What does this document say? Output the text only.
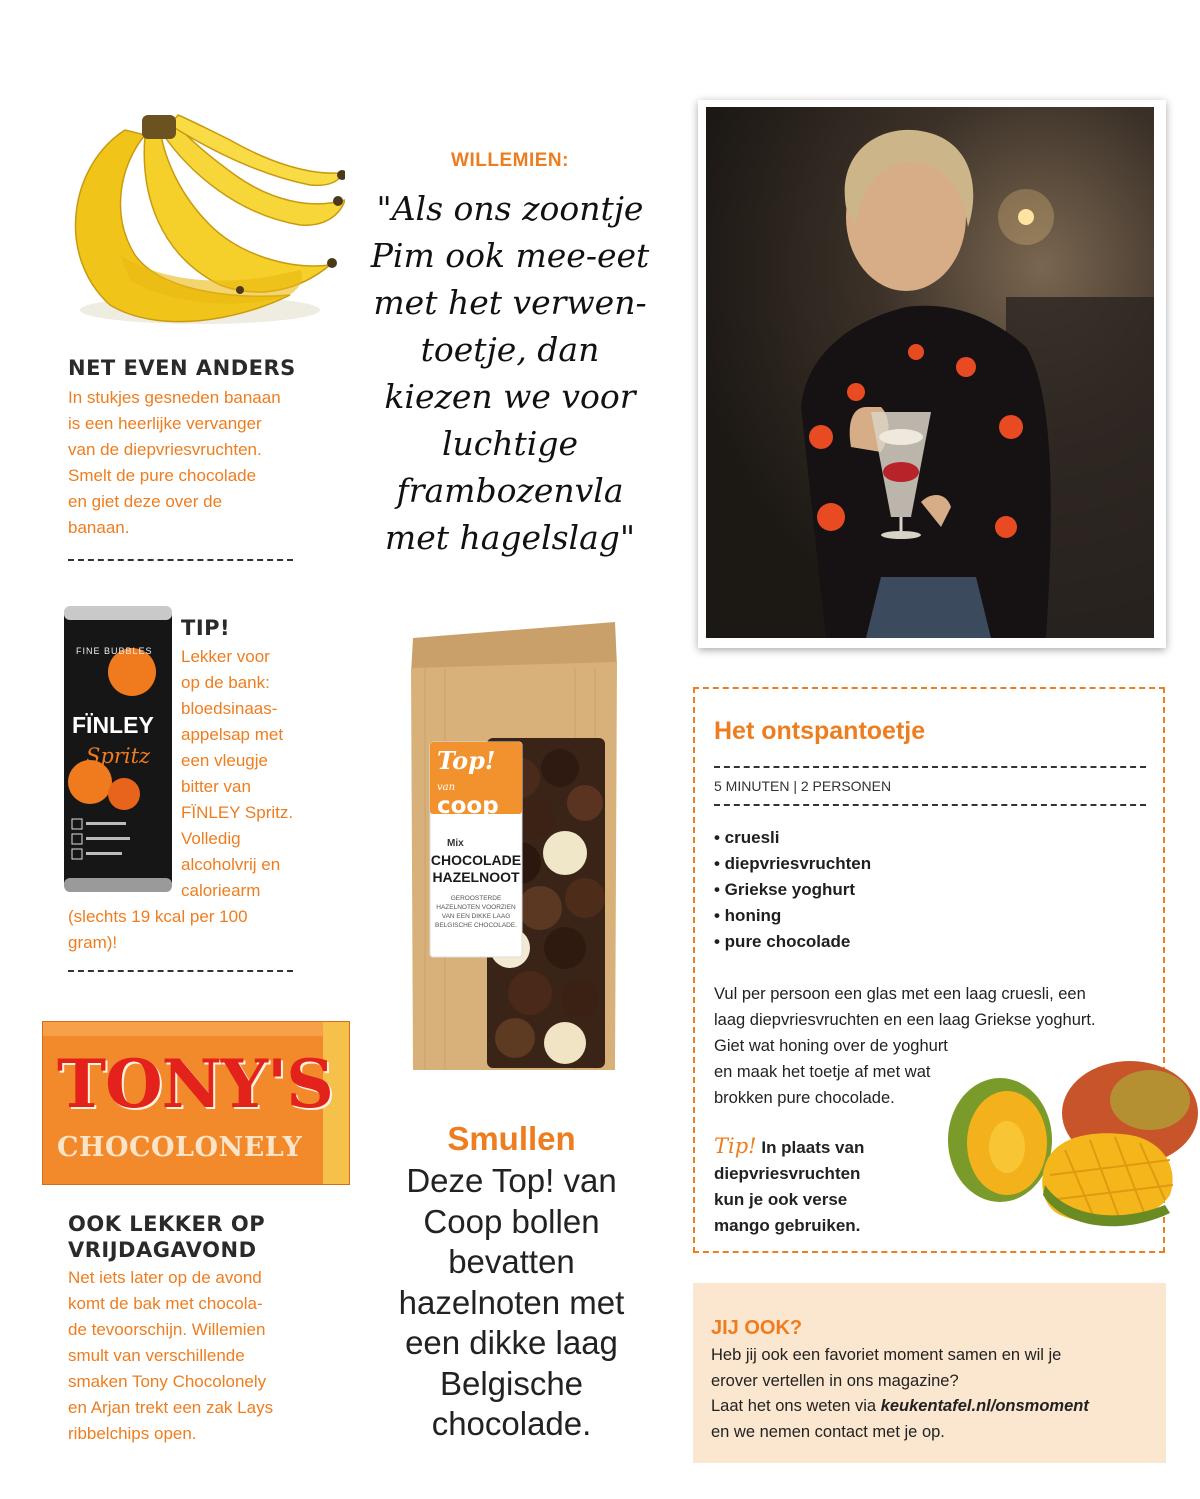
NET EVEN ANDERS
In stukjes gesneden banaan
is een heerlijke vervanger
van de diepvriesvruchten.
Smelt de pure chocolade
en giet deze over de
banaan.
FINE BUBBLES
FÏNLEY
Spritz
TIP!
Lekker voor
op de bank:
bloedsinaas-
appelsap met
een vleugje
bitter van
FÏNLEY Spritz.
Volledig
alcoholvrij en
caloriearm
(slechts 19 kcal per 100
gram)!
TONY'S
CHOCOLONELY
OOK LEKKER OP
VRIJDAGAVOND
Net iets later op de avond
komt de bak met chocola-
de tevoorschijn. Willemien
smult van verschillende
smaken Tony Chocolonely
en Arjan trekt een zak Lays
ribbelchips open.
WILLEMIEN:
"Als ons zoontje
Pim ook mee-eet
met het verwen-
toetje, dan
kiezen we voor
luchtige
frambozenvla
met hagelslag"
Top! van
coop
Mix
CHOCOLADE
HAZELNOOT
GEROOSTERDE
HAZELNOTEN VOORZIEN
VAN EEN DIKKE LAAG
BELGISCHE CHOCOLADE.
Smullen
Deze Top! van
Coop bollen
bevatten
hazelnoten met
een dikke laag
Belgische
chocolade.
Het ontspantoetje
5 MINUTEN | 2 PERSONEN
• cruesli
• diepvriesvruchten
• Griekse yoghurt
• honing
• pure chocolade
Vul per persoon een glas met een laag cruesli, een
laag diepvriesvruchten en een laag Griekse yoghurt.
Giet wat honing over de yoghurt
en maak het toetje af met wat
brokken pure chocolade.
Tip! In plaats van
diepvriesvruchten
kun je ook verse
mango gebruiken.
JIJ OOK?
Heb jij ook een favoriet moment samen en wil je
erover vertellen in ons magazine?
Laat het ons weten via keukentafel.nl/onsmoment
en we nemen contact met je op.
